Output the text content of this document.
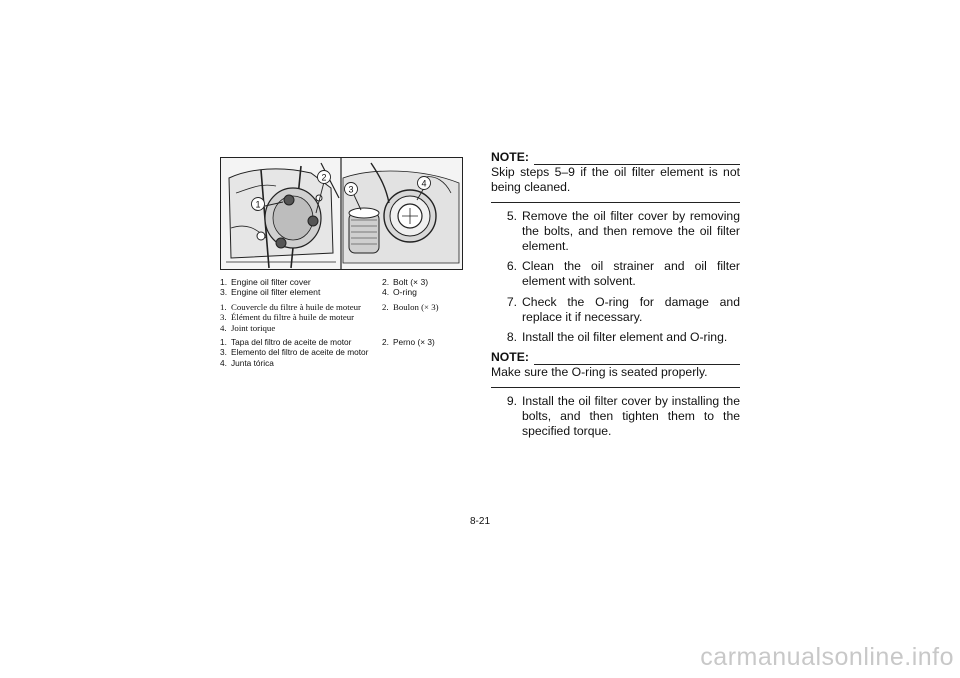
1
2
3
4
1. Engine oil filter cover	2. Bolt (× 3)
3. Engine oil filter element	4. O-ring
1. Couvercle du filtre à huile de moteur	2. Boulon (× 3)
3. Élément du filtre à huile de moteur
4. Joint torique
1. Tapa del filtro de aceite de motor	2. Perno (× 3)
3. Elemento del filtro de aceite de motor
4. Junta tórica
NOTE:
Skip steps 5–9 if the oil filter element is not being cleaned.
5. Remove the oil filter cover by removing the bolts, and then remove the oil filter element.
6. Clean the oil strainer and oil filter element with solvent.
7. Check the O-ring for damage and replace it if necessary.
8. Install the oil filter element and O-ring.
NOTE:
Make sure the O-ring is seated properly.
9. Install the oil filter cover by installing the bolts, and then tighten them to the specified torque.
8-21
carmanualsonline.info
